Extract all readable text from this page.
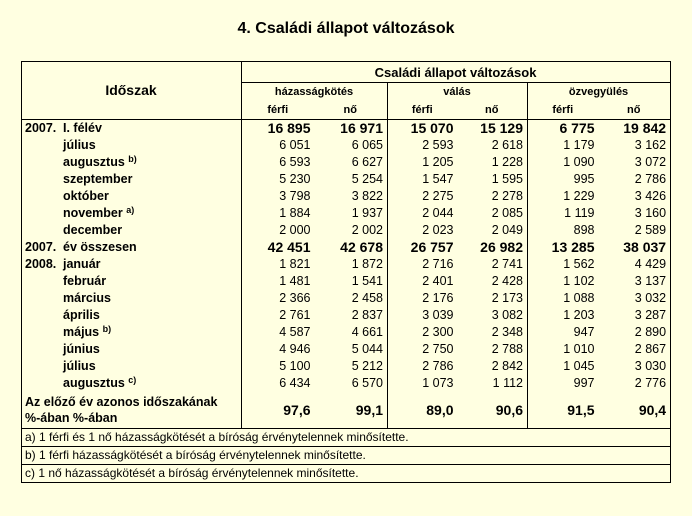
4. Családi állapot változások
Időszak	Családi állapot változások					
	házasságkötés		válás		özvegyülés	
	férfi	nő	férfi	nő	férfi	nő
2007. I. félév	16 895	16 971	15 070	15 129	6 775	19 842
július	6 051	6 065	2 593	2 618	1 179	3 162
augusztus $^{b)}$	6 593	6 627	1 205	1 228	1 090	3 072
szeptember	5 230	5 254	1 547	1 595	995	2 786
október	3 798	3 822	2 275	2 278	1 229	3 426
november $^{a)}$	1 884	1 937	2 044	2 085	1 119	3 160
december	2 000	2 002	2 023	2 049	898	2 589
2007. év összesen	42 451	42 678	26 757	26 982	13 285	38 037
2008. január	1 821	1 872	2 716	2 741	1 562	4 429
február	1 481	1 541	2 401	2 428	1 102	3 137
március	2 366	2 458	2 176	2 173	1 088	3 032
április	2 761	2 837	3 039	3 082	1 203	3 287
május $^{b)}$	4 587	4 661	2 300	2 348	947	2 890
június	4 946	5 044	2 750	2 788	1 010	2 867
július	5 100	5 212	2 786	2 842	1 045	3 030
augusztus $^{c)}$	6 434	6 570	1 073	1 112	997	2 776

Az előző év azonos időszakának
%-ában %-ában	97,6	99,1	89,0	90,6	91,5	90,4
a) 1 férfi és 1 nő házasságkötését a bíróság érvénytelennek minősítette.						
b) 1 férfi házasságkötését a bíróság érvénytelennek minősítette.						
c) 1 nő házasságkötését a bíróság érvénytelennek minősítette.						
